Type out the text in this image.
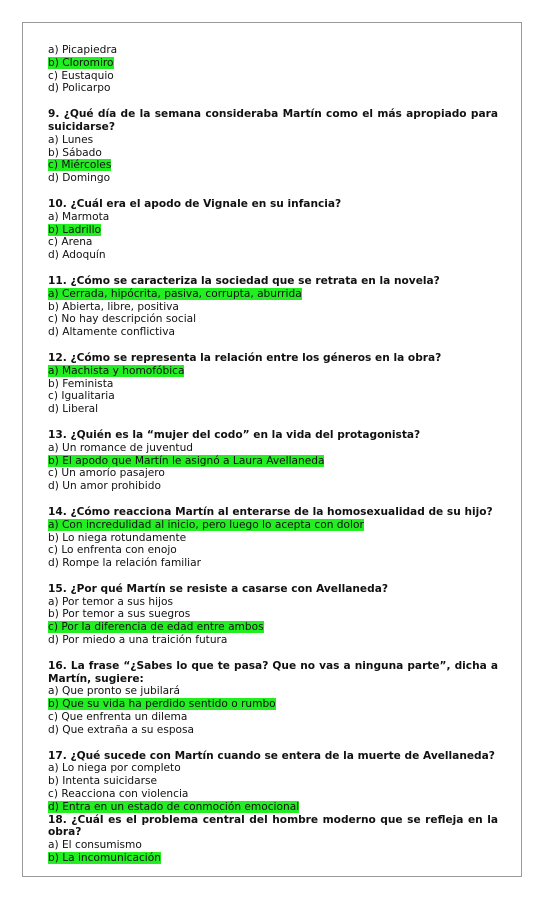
a) Picapiedra
b) Cloromiro
c) Eustaquio
d) Policarpo
9. ¿Qué día de la semana consideraba Martín como el más apropiado para suicidarse?
a) Lunes
b) Sábado
c) Miércoles
d) Domingo
10. ¿Cuál era el apodo de Vignale en su infancia?
a) Marmota
b) Ladrillo
c) Arena
d) Adoquín
11. ¿Cómo se caracteriza la sociedad que se retrata en la novela?
a) Cerrada, hipócrita, pasiva, corrupta, aburrida
b) Abierta, libre, positiva
c) No hay descripción social
d) Altamente conflictiva
12. ¿Cómo se representa la relación entre los géneros en la obra?
a) Machista y homofóbica
b) Feminista
c) Igualitaria
d) Liberal
13. ¿Quién es la “mujer del codo” en la vida del protagonista?
a) Un romance de juventud
b) El apodo que Martín le asignó a Laura Avellaneda
c) Un amorío pasajero
d) Un amor prohibido
14. ¿Cómo reacciona Martín al enterarse de la homosexualidad de su hijo?
a) Con incredulidad al inicio, pero luego lo acepta con dolor
b) Lo niega rotundamente
c) Lo enfrenta con enojo
d) Rompe la relación familiar
15. ¿Por qué Martín se resiste a casarse con Avellaneda?
a) Por temor a sus hijos
b) Por temor a sus suegros
c) Por la diferencia de edad entre ambos
d) Por miedo a una traición futura
16. La frase “¿Sabes lo que te pasa? Que no vas a ninguna parte”, dicha a Martín, sugiere:
a) Que pronto se jubilará
b) Que su vida ha perdido sentido o rumbo
c) Que enfrenta un dilema
d) Que extraña a su esposa
17. ¿Qué sucede con Martín cuando se entera de la muerte de Avellaneda?
a) Lo niega por completo
b) Intenta suicidarse
c) Reacciona con violencia
d) Entra en un estado de conmoción emocional
18. ¿Cuál es el problema central del hombre moderno que se refleja en la obra?
a) El consumismo
b) La incomunicación
